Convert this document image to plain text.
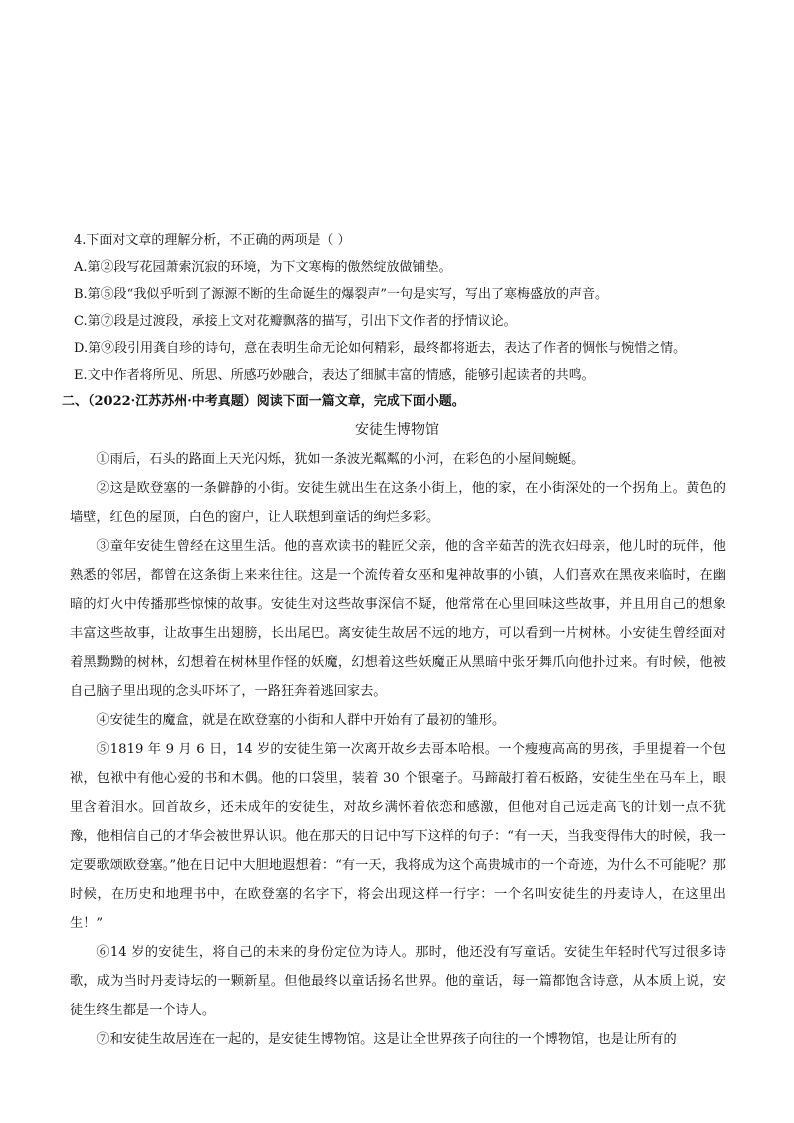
4.下面对文章的理解分析，不正确的两项是（ ）
A.第②段写花园萧索沉寂的环境，为下文寒梅的傲然绽放做铺垫。
B.第⑤段“我似乎听到了源源不断的生命诞生的爆裂声”一句是实写，写出了寒梅盛放的声音。
C.第⑦段是过渡段，承接上文对花瓣飘落的描写，引出下文作者的抒情议论。
D.第⑨段引用龚自珍的诗句，意在表明生命无论如何精彩，最终都将逝去，表达了作者的惆怅与惋惜之情。
E.文中作者将所见、所思、所感巧妙融合，表达了细腻丰富的情感，能够引起读者的共鸣。
二、（2022·江苏苏州·中考真题）阅读下面一篇文章，完成下面小题。
安徒生博物馆

①雨后，石头的路面上天光闪烁，犹如一条波光粼粼的小河，在彩色的小屋间蜿蜒。

②这是欧登塞的一条僻静的小街。安徒生就出生在这条小街上，他的家，在小街深处的一个拐角上。黄色的墙壁，红色的屋顶，白色的窗户，让人联想到童话的绚烂多彩。

③童年安徒生曾经在这里生活。他的喜欢读书的鞋匠父亲，他的含辛茹苦的洗衣妇母亲，他儿时的玩伴，他熟悉的邻居，都曾在这条街上来来往往。这是一个流传着女巫和鬼神故事的小镇，人们喜欢在黑夜来临时，在幽暗的灯火中传播那些惊悚的故事。安徒生对这些故事深信不疑，他常常在心里回味这些故事，并且用自己的想象丰富这些故事，让故事生出翅膀，长出尾巴。离安徒生故居不远的地方，可以看到一片树林。小安徒生曾经面对着黑黝黝的树林，幻想着在树林里作怪的妖魔，幻想着这些妖魔正从黑暗中张牙舞爪向他扑过来。有时候，他被自己脑子里出现的念头吓坏了，一路狂奔着逃回家去。

④安徒生的魔盒，就是在欧登塞的小街和人群中开始有了最初的雏形。

⑤1819 年 9 月 6 日，14 岁的安徒生第一次离开故乡去哥本哈根。一个瘦瘦高高的男孩，手里提着一个包袱，包袱中有他心爱的书和木偶。他的口袋里，装着 30 个银毫子。马蹄敲打着石板路，安徒生坐在马车上，眼里含着泪水。回首故乡，还未成年的安徒生，对故乡满怀着依恋和感激，但他对自己远走高飞的计划一点不犹豫，他相信自己的才华会被世界认识。他在那天的日记中写下这样的句子：“有一天，当我变得伟大的时候，我一定要歌颂欧登塞。”他在日记中大胆地遐想着：“有一天，我将成为这个高贵城市的一个奇迹，为什么不可能呢？那时候，在历史和地理书中，在欧登塞的名字下，将会出现这样一行字：一个名叫安徒生的丹麦诗人，在这里出生！”

⑥14 岁的安徒生，将自己的未来的身份定位为诗人。那时，他还没有写童话。安徒生年轻时代写过很多诗歌，成为当时丹麦诗坛的一颗新星。但他最终以童话扬名世界。他的童话，每一篇都饱含诗意，从本质上说，安徒生终生都是一个诗人。

⑦和安徒生故居连在一起的，是安徒生博物馆。这是让全世界孩子向往的一个博物馆，也是让所有的
